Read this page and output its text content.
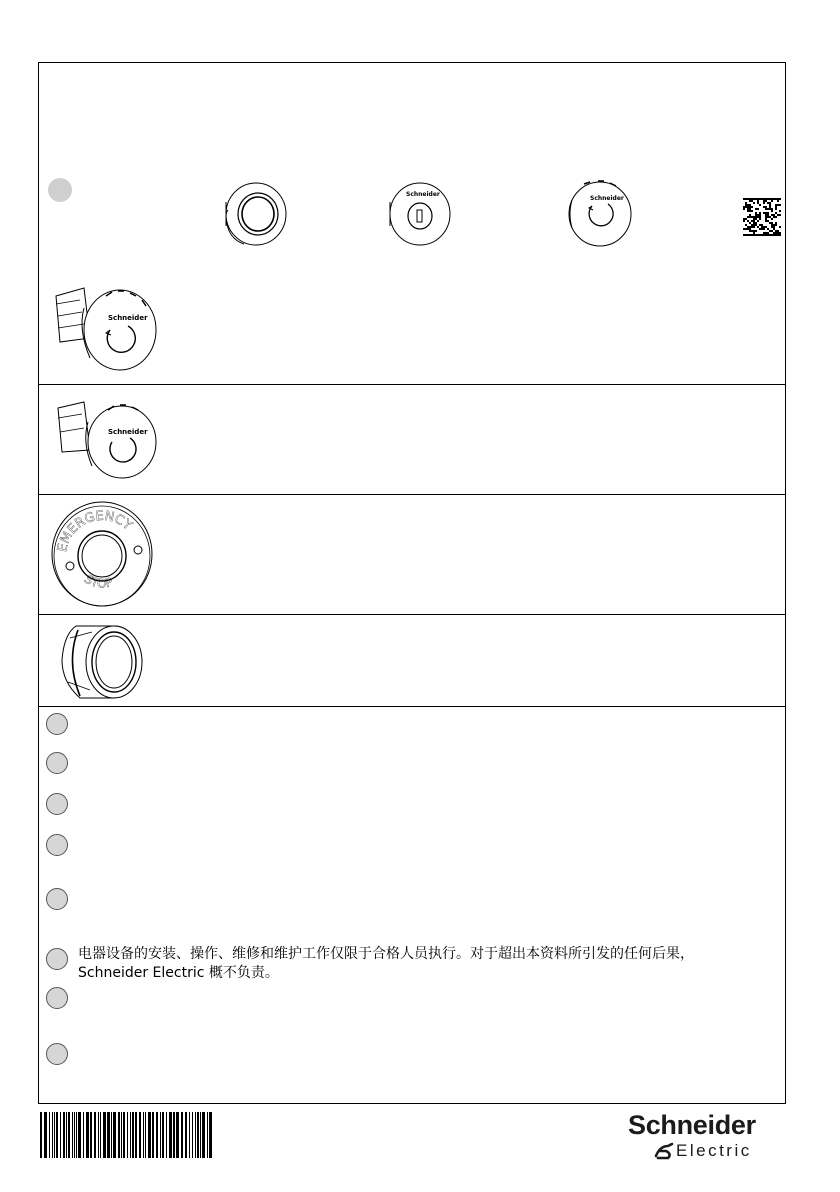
Schneider
Schneider
Schneider
Schneider
EMERGENCY
STOP
电器设备的安装、操作、维修和维护工作仅限于合格人员执行。对于超出本资料所引发的任何后果，
Schneider Electric 概不负责。
Schneider
Electric
